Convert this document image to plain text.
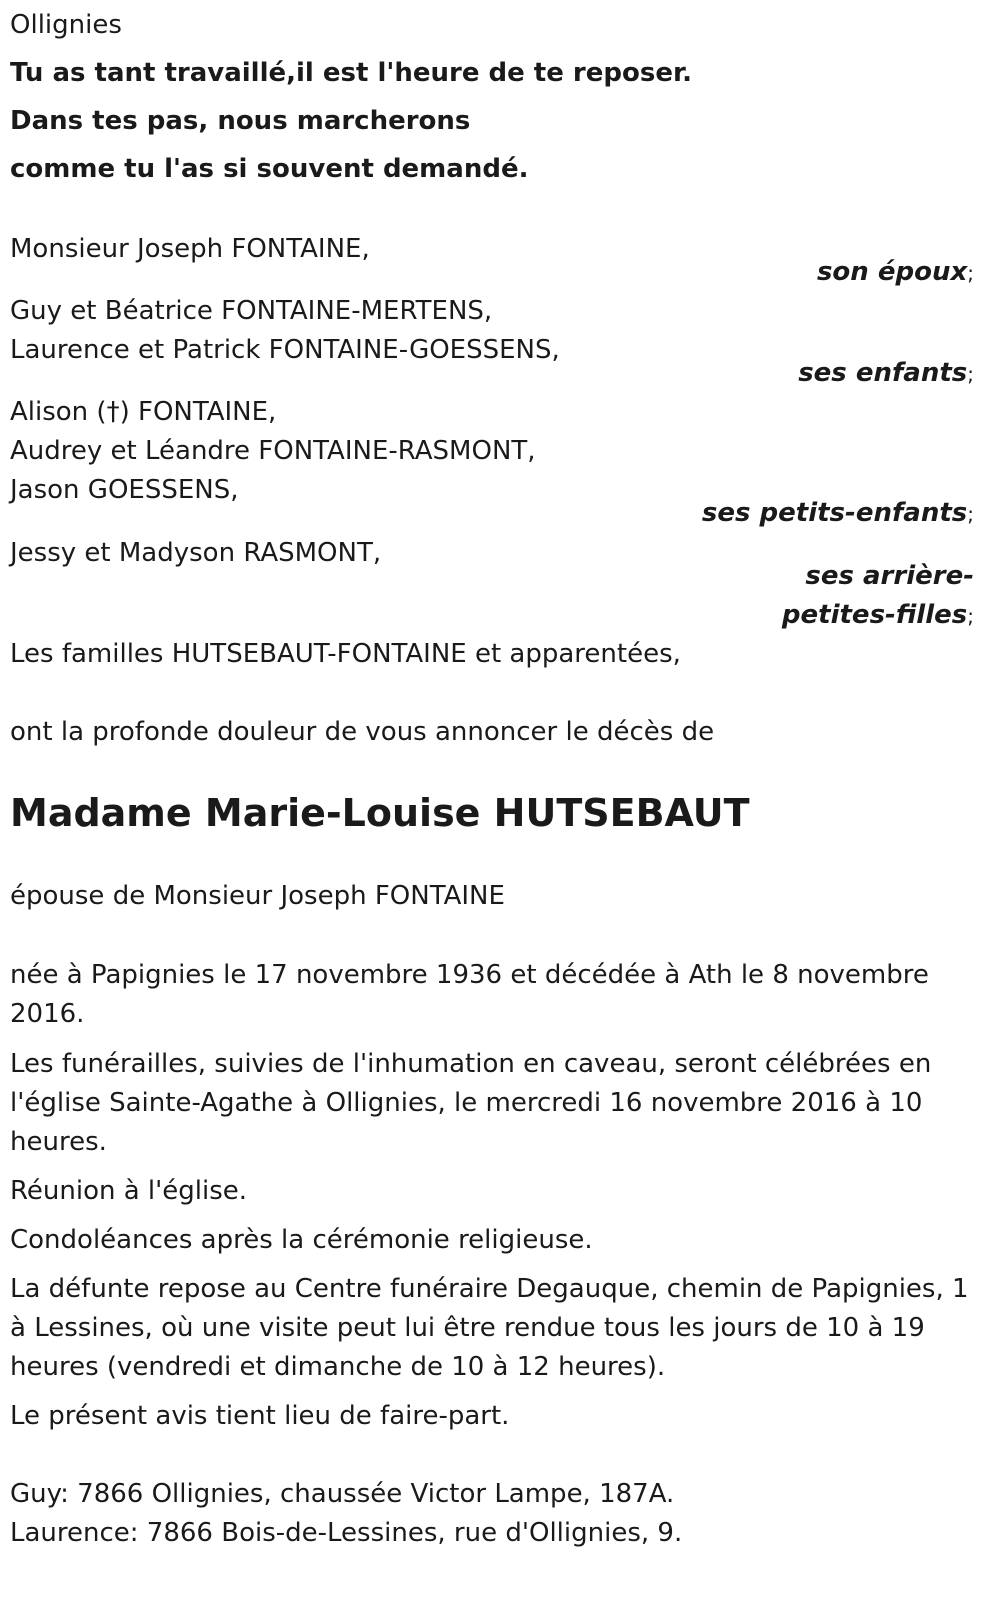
Ollignies

Tu as tant travaillé,il est l'heure de te reposer.

Dans tes pas, nous marcherons

comme tu l'as si souvent demandé.

Monsieur Joseph FONTAINE,

son époux;

Guy et Béatrice FONTAINE-MERTENS,

Laurence et Patrick FONTAINE-GOESSENS,

ses enfants;

Alison (†) FONTAINE,

Audrey et Léandre FONTAINE-RASMONT,

Jason GOESSENS,

ses petits-enfants;

Jessy et Madyson RASMONT,

ses arrière-
petites-filles;

Les familles HUTSEBAUT-FONTAINE et apparentées,

ont la profonde douleur de vous annoncer le décès de

Madame Marie-Louise HUTSEBAUT

épouse de Monsieur Joseph FONTAINE

née à Papignies le 17 novembre 1936 et décédée à Ath le 8 novembre 2016.

Les funérailles, suivies de l'inhumation en caveau, seront célébrées en l'église Sainte-Agathe à Ollignies, le mercredi 16 novembre 2016 à 10 heures.

Réunion à l'église.

Condoléances après la cérémonie religieuse.

La défunte repose au Centre funéraire Degauque, chemin de Papignies, 1 à Lessines, où une visite peut lui être rendue tous les jours de 10 à 19 heures (vendredi et dimanche de 10 à 12 heures).

Le présent avis tient lieu de faire-part.

Guy: 7866 Ollignies, chaussée Victor Lampe, 187A.

Laurence: 7866 Bois-de-Lessines, rue d'Ollignies, 9.
